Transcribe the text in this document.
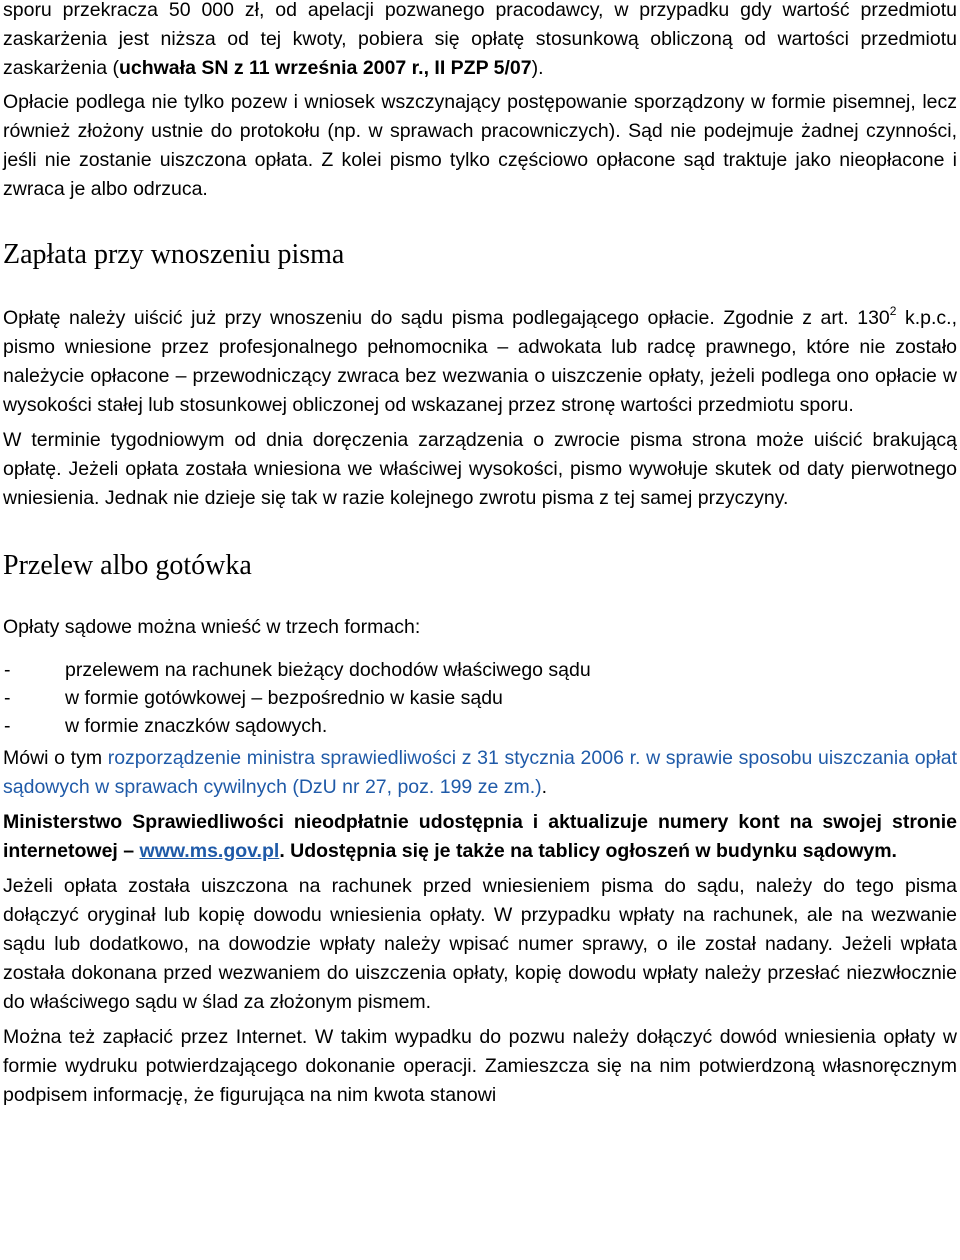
sporu przekracza 50 000 zł, od apelacji pozwanego pracodawcy, w przypadku gdy wartość przedmiotu zaskarżenia jest niższa od tej kwoty, pobiera się opłatę stosunkową obliczoną od wartości przedmiotu zaskarżenia (uchwała SN z 11 września 2007 r., II PZP 5/07).

Opłacie podlega nie tylko pozew i wniosek wszczynający postępowanie sporządzony w formie pisemnej, lecz również złożony ustnie do protokołu (np. w sprawach pracowniczych). Sąd nie podejmuje żadnej czynności, jeśli nie zostanie uiszczona opłata. Z kolei pismo tylko częściowo opłacone sąd traktuje jako nieopłacone i zwraca je albo odrzuca.

Zapłata przy wnoszeniu pisma

Opłatę należy uiścić już przy wnoszeniu do sądu pisma podlegającego opłacie. Zgodnie z art. $130^2$ k.p.c., pismo wniesione przez profesjonalnego pełnomocnika – adwokata lub radcę prawnego, które nie zostało należycie opłacone – przewodniczący zwraca bez wezwania o uiszczenie opłaty, jeżeli podlega ono opłacie w wysokości stałej lub stosunkowej obliczonej od wskazanej przez stronę wartości przedmiotu sporu.

W terminie tygodniowym od dnia doręczenia zarządzenia o zwrocie pisma strona może uiścić brakującą opłatę. Jeżeli opłata została wniesiona we właściwej wysokości, pismo wywołuje skutek od daty pierwotnego wniesienia. Jednak nie dzieje się tak w razie kolejnego zwrotu pisma z tej samej przyczyny.

Przelew albo gotówka

Opłaty sądowe można wnieść w trzech formach:

-	przelewem na rachunek bieżący dochodów właściwego sądu
-	w formie gotówkowej – bezpośrednio w kasie sądu
-	w formie znaczków sądowych.

Mówi o tym rozporządzenie ministra sprawiedliwości z 31 stycznia 2006 r. w sprawie sposobu uiszczania opłat sądowych w sprawach cywilnych (DzU nr 27, poz. 199 ze zm.).

Ministerstwo Sprawiedliwości nieodpłatnie udostępnia i aktualizuje numery kont na swojej stronie internetowej – www.ms.gov.pl. Udostępnia się je także na tablicy ogłoszeń w budynku sądowym.

Jeżeli opłata została uiszczona na rachunek przed wniesieniem pisma do sądu, należy do tego pisma dołączyć oryginał lub kopię dowodu wniesienia opłaty. W przypadku wpłaty na rachunek, ale na wezwanie sądu lub dodatkowo, na dowodzie wpłaty należy wpisać numer sprawy, o ile został nadany. Jeżeli wpłata została dokonana przed wezwaniem do uiszczenia opłaty, kopię dowodu wpłaty należy przesłać niezwłocznie do właściwego sądu w ślad za złożonym pismem.

Można też zapłacić przez Internet. W takim wypadku do pozwu należy dołączyć dowód wniesienia opłaty w formie wydruku potwierdzającego dokonanie operacji. Zamieszcza się na nim potwierdzoną własnoręcznym podpisem informację, że figurująca na nim kwota stanowi
